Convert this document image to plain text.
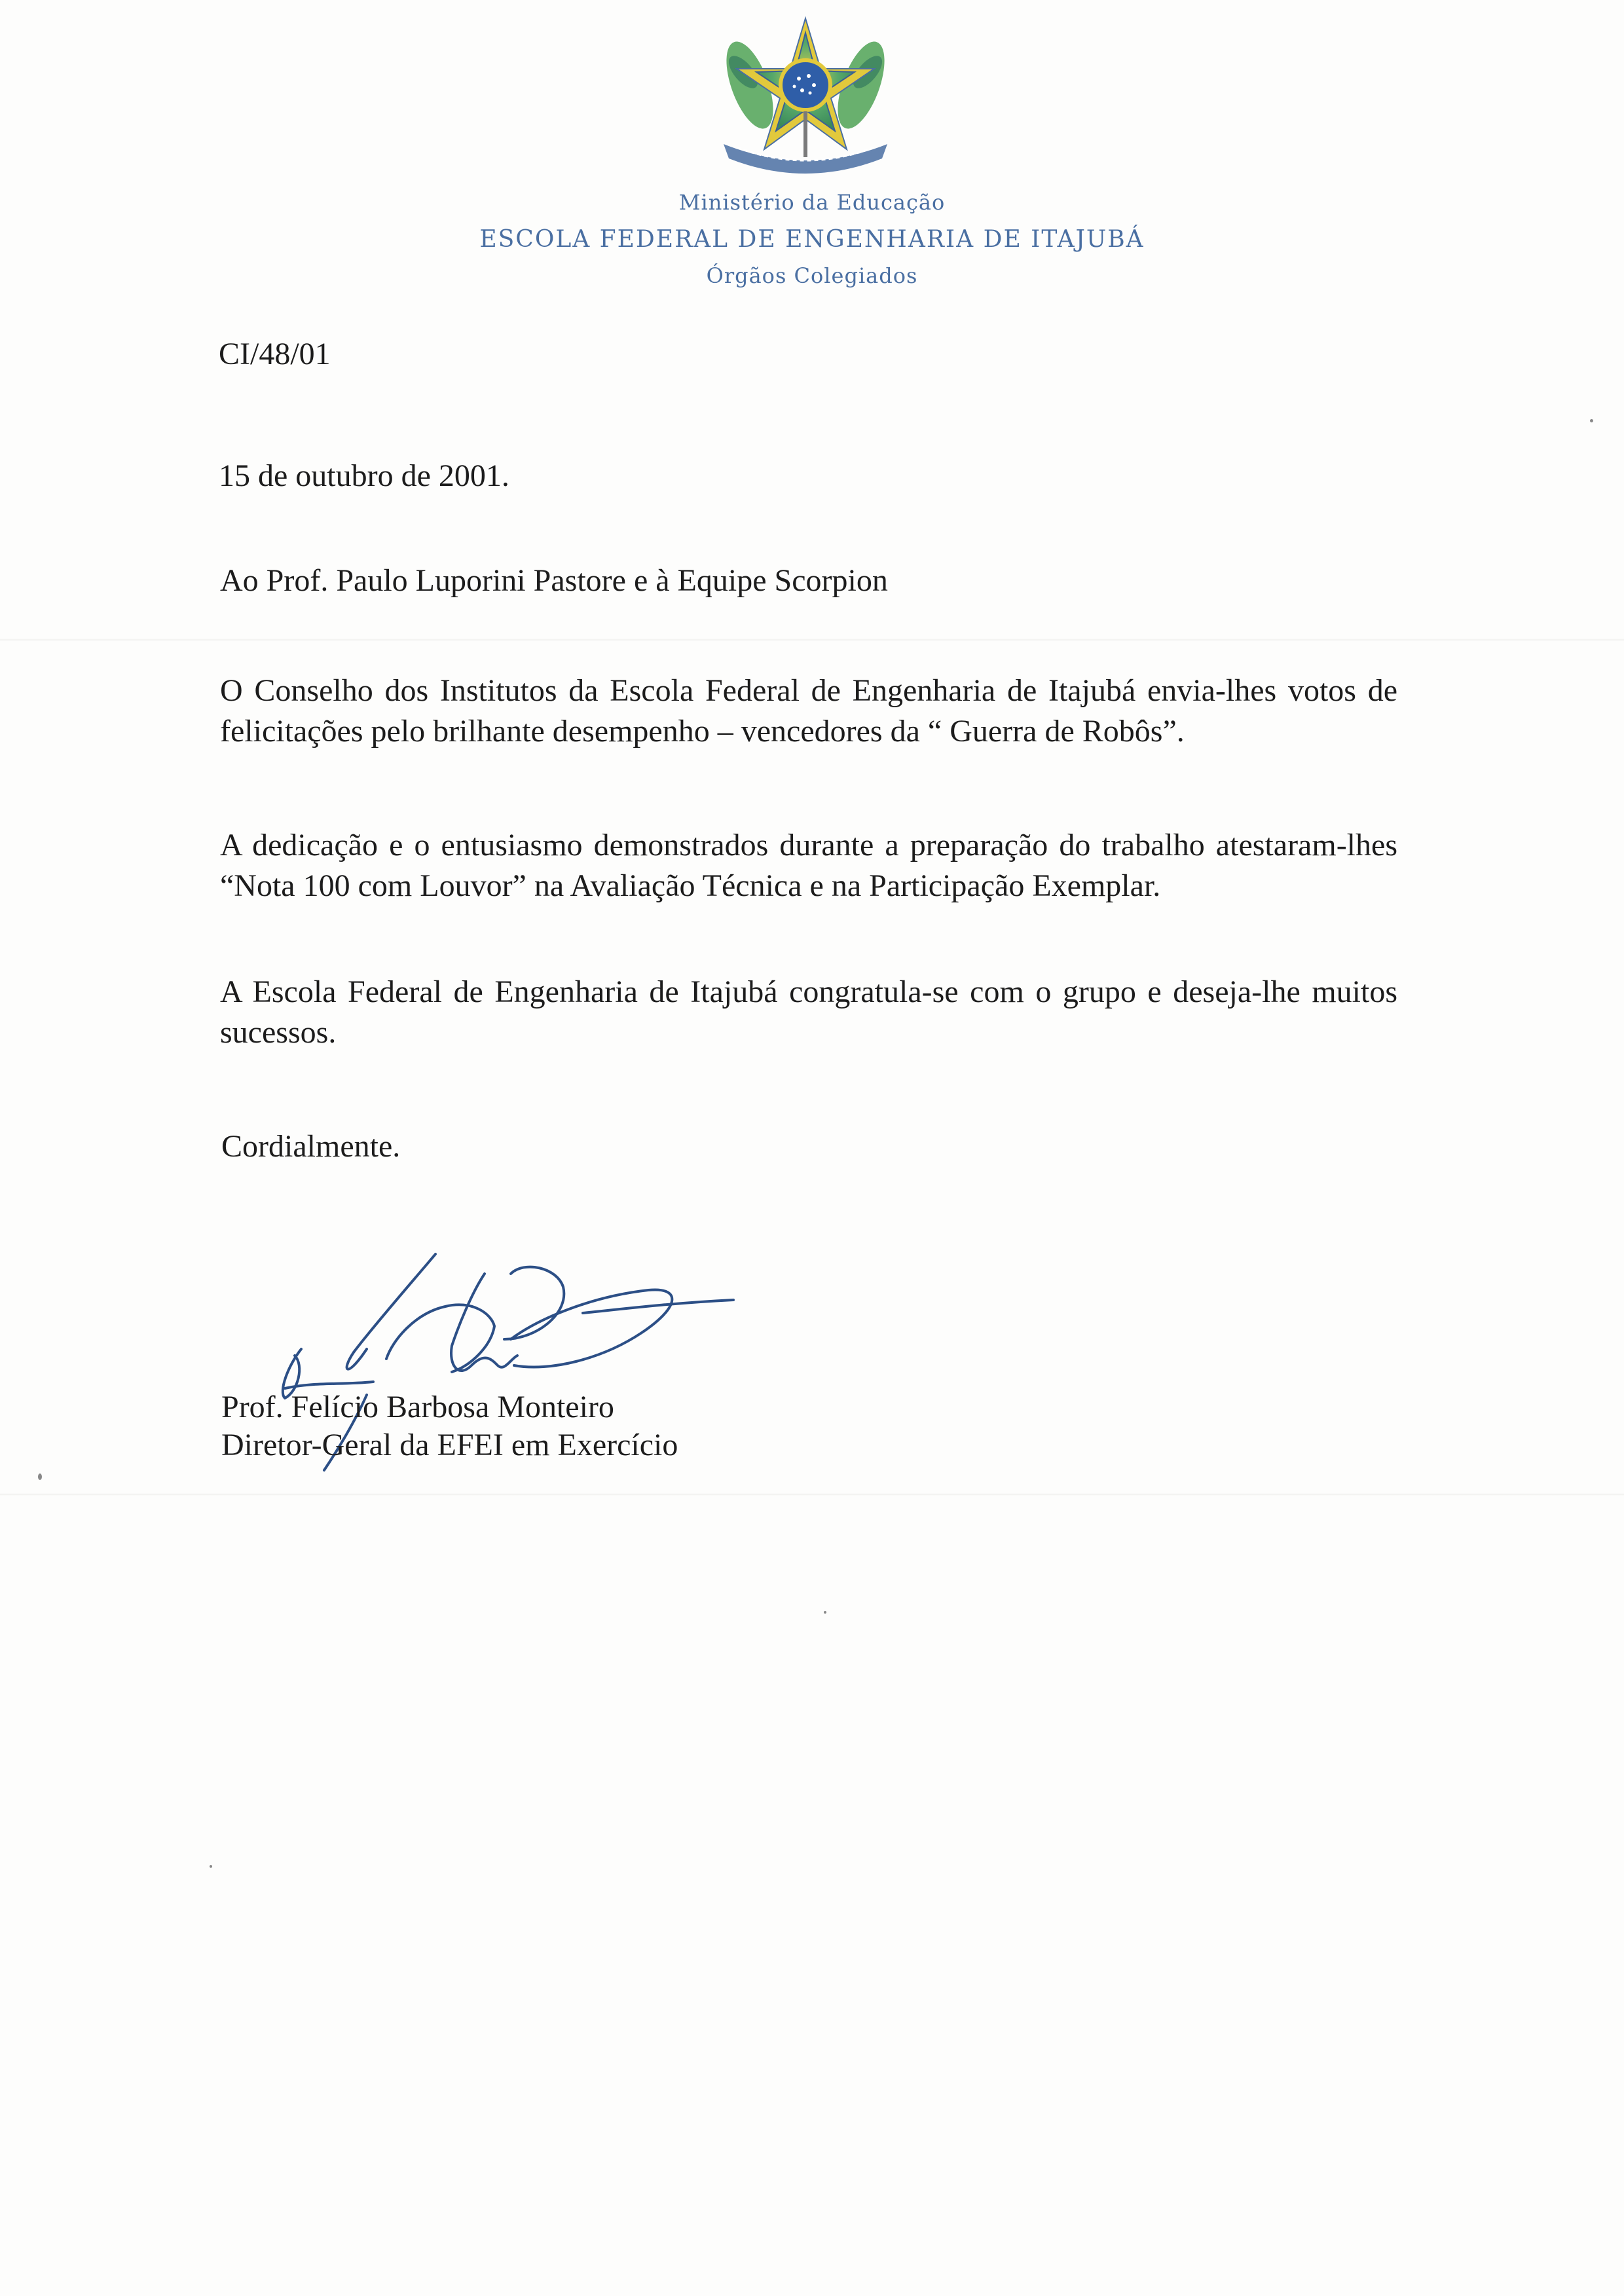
Ministério da Educação
ESCOLA FEDERAL DE ENGENHARIA DE ITAJUBÁ
Órgãos Colegiados
CI/48/01
15 de outubro de 2001.
Ao Prof. Paulo Luporini Pastore e à Equipe Scorpion
O Conselho dos Institutos da Escola Federal de Engenharia de Itajubá envia-lhes votos de felicitações pelo brilhante desempenho – vencedores da “ Guerra de Robôs”.
A dedicação e o entusiasmo demonstrados durante a preparação do trabalho atestaram-lhes “Nota 100 com Louvor” na Avaliação Técnica e na Participação Exemplar.
A Escola Federal de Engenharia de Itajubá congratula-se com o grupo e deseja-lhe muitos sucessos.
Cordialmente.
Prof. Felício Barbosa Monteiro
Diretor-Geral da EFEI em Exercício
